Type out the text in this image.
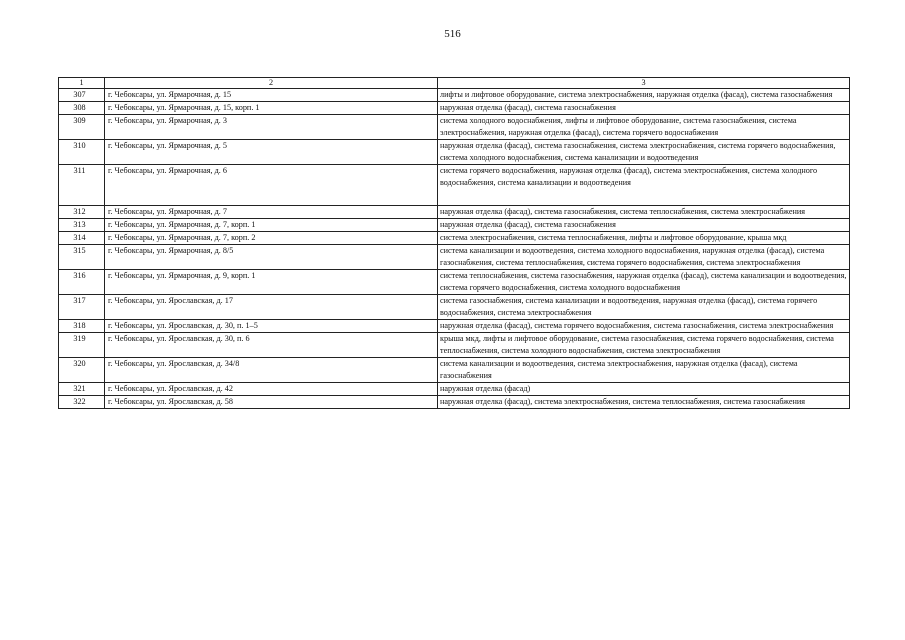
516
1	2	3
307	г. Чебоксары, ул. Ярмарочная, д. 15	лифты и лифтовое оборудование, система электроснабжения, наружная отделка (фасад), система газоснабжения
308	г. Чебоксары, ул. Ярмарочная, д. 15, корп. 1	наружная отделка (фасад), система газоснабжения
309	г. Чебоксары, ул. Ярмарочная, д. 3	система холодного водоснабжения, лифты и лифтовое оборудование, система газоснабжения, система электроснабжения, наружная отделка (фасад), система горячего водоснабжения
310	г. Чебоксары, ул. Ярмарочная, д. 5	наружная отделка (фасад), система газоснабжения, система электроснабжения, система горячего водоснабжения, система холодного водоснабжения, система канализации и водоотведения
311	г. Чебоксары, ул. Ярмарочная, д. 6	система горячего водоснабжения, наружная отделка (фасад), система электроснабжения, система холодного водоснабжения, система канализации и водоотведения
312	г. Чебоксары, ул. Ярмарочная, д. 7	наружная отделка (фасад), система газоснабжения, система теплоснабжения, система электроснабжения
313	г. Чебоксары, ул. Ярмарочная, д. 7, корп. 1	наружная отделка (фасад), система газоснабжения
314	г. Чебоксары, ул. Ярмарочная, д. 7, корп. 2	система электроснабжения, система теплоснабжения, лифты и лифтовое оборудование, крыша мкд
315	г. Чебоксары, ул. Ярмарочная, д. 8/5	система канализации и водоотведения, система холодного водоснабжения, наружная отделка (фасад), система газоснабжения, система теплоснабжения, система горячего водоснабжения, система электроснабжения
316	г. Чебоксары, ул. Ярмарочная, д. 9, корп. 1	система теплоснабжения, система газоснабжения, наружная отделка (фасад), система канализации и водоотведения, система горячего водоснабжения, система холодного водоснабжения
317	г. Чебоксары, ул. Ярославская, д. 17	система газоснабжения, система канализации и водоотведения, наружная отделка (фасад), система горячего водоснабжения, система электроснабжения
318	г. Чебоксары, ул. Ярославская, д. 30, п. 1–5	наружная отделка (фасад), система горячего водоснабжения, система газоснабжения, система электроснабжения
319	г. Чебоксары, ул. Ярославская, д. 30, п. 6	крыша мкд, лифты и лифтовое оборудование, система газоснабжения, система горячего водоснабжения, система теплоснабжения, система холодного водоснабжения, система электроснабжения
320	г. Чебоксары, ул. Ярославская, д. 34/8	система канализации и водоотведения, система электроснабжения, наружная отделка (фасад), система газоснабжения
321	г. Чебоксары, ул. Ярославская, д. 42	наружная отделка (фасад)
322	г. Чебоксары, ул. Ярославская, д. 58	наружная отделка (фасад), система электроснабжения, система теплоснабжения, система газоснабжения
